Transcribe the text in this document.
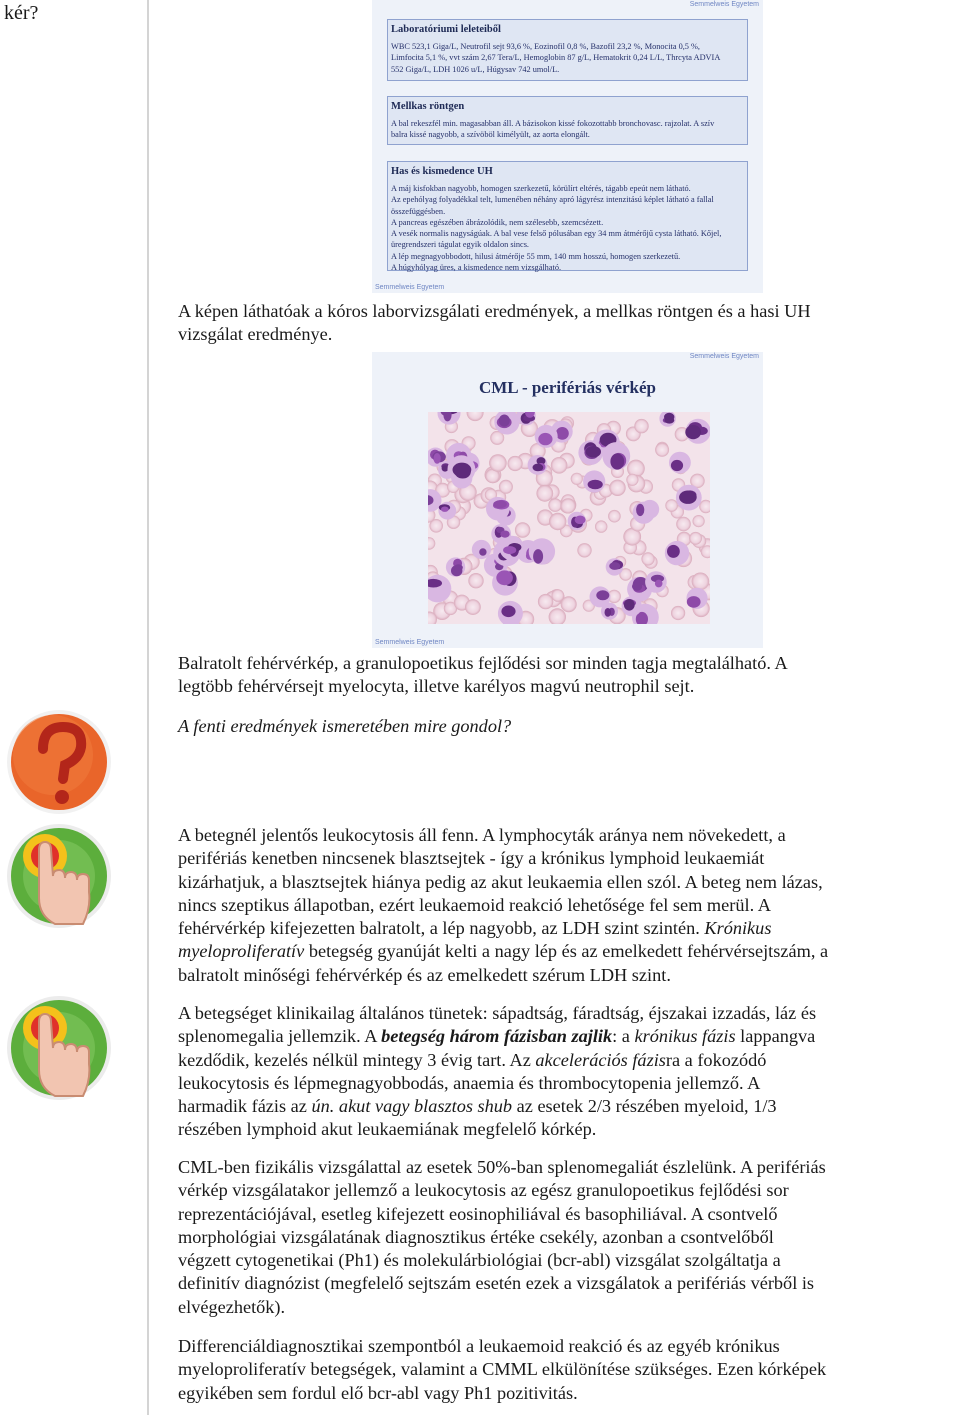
kér?	Semmelweis Egyetem
Laboratóriumi leleteiből
WBC 523,1 Giga/L, Neutrofil sejt 93,6 %, Eozinofil 0,8 %, Bazofil 23,2 %, Monocita 0,5 %,
Limfocita 5,1 %, vvt szám 2,67 Tera/L, Hemoglobin 87 g/L, Hematokrit 0,24 L/L, Thrcyta ADVIA
552 Giga/L, LDH 1026 u/L, Húgysav 742 umol/L.
Mellkas röntgen
A bal rekeszfél min. magasabban áll. A bázisokon kissé fokozottabb bronchovasc. rajzolat. A szív
balra kissé nagyobb, a szívöböl kimélyült, az aorta elongált.
Has és kismedence UH
A máj kisfokban nagyobb, homogen szerkezetű, körülírt eltérés, tágabb epeút nem látható.
Az epehólyag folyadékkal telt, lumenében néhány apró lágyrész intenzitású képlet látható a fallal
összefüggésben.
A pancreas egészében ábrázolódik, nem szélesebb, szemcsézett.
A vesék normalis nagyságúak. A bal vese felső pólusában egy 34 mm átmérőjű cysta látható. Kőjel,
üregrendszeri tágulat egyik oldalon sincs.
A lép megnagyobbodott, hilusi átmérője 55 mm, 140 mm hosszú, homogen szerkezetű.
A húgyhólyag üres, a kismedence nem vizsgálható.
Semmelweis Egyetem
A képen láthatóak a kóros laborvizsgálati eredmények, a mellkas röntgen és a hasi UH
vizsgálat eredménye.
Semmelweis Egyetem
CML - perifériás vérkép
Semmelweis Egyetem
Balratolt fehérvérkép, a granulopoetikus fejlődési sor minden tagja megtalálható. A
legtöbb fehérvérsejt myelocyta, illetve karélyos magvú neutrophil sejt.
A fenti eredmények ismeretében mire gondol?
A betegnél jelentős leukocytosis áll fenn. A lymphocyták aránya nem növekedett, a
perifériás kenetben nincsenek blasztsejtek - így a krónikus lymphoid leukaemiát
kizárhatjuk, a blasztsejtek hiánya pedig az akut leukaemia ellen szól. A beteg nem lázas,
nincs szeptikus állapotban, ezért leukaemoid reakció lehetősége fel sem merül. A
fehérvérkép kifejezetten balratolt, a lép nagyobb, az LDH szint szintén. Krónikus
myeloproliferatív betegség gyanúját kelti a nagy lép és az emelkedett fehérvérsejtszám, a
balratolt minőségi fehérvérkép és az emelkedett szérum LDH szint.
A betegséget klinikailag általános tünetek: sápadtság, fáradtság, éjszakai izzadás, láz és
splenomegalia jellemzik. A betegség három fázisban zajlik: a krónikus fázis lappangva
kezdődik, kezelés nélkül mintegy 3 évig tart. Az akcelerációs fázisra a fokozódó
leukocytosis és lépmegnagyobbodás, anaemia és thrombocytopenia jellemző. A
harmadik fázis az ún. akut vagy blasztos shub az esetek 2/3 részében myeloid, 1/3
részében lymphoid akut leukaemiának megfelelő kórkép.
CML-ben fizikális vizsgálattal az esetek 50%-ban splenomegaliát észlelünk. A perifériás
vérkép vizsgálatakor jellemző a leukocytosis az egész granulopoetikus fejlődési sor
reprezentációjával, esetleg kifejezett eosinophiliával és basophiliával. A csontvelő
morphológiai vizsgálatának diagnosztikus értéke csekély, azonban a csontvelőből
végzett cytogenetikai (Ph1) és molekulárbiológiai (bcr-abl) vizsgálat szolgáltatja a
definitív diagnózist (megfelelő sejtszám esetén ezek a vizsgálatok a perifériás vérből is
elvégezhetők).
Differenciáldiagnosztikai szempontból a leukaemoid reakció és az egyéb krónikus
myeloproliferatív betegségek, valamint a CMML elkülönítése szükséges. Ezen kórképek
egyikében sem fordul elő bcr-abl vagy Ph1 pozitivitás.
